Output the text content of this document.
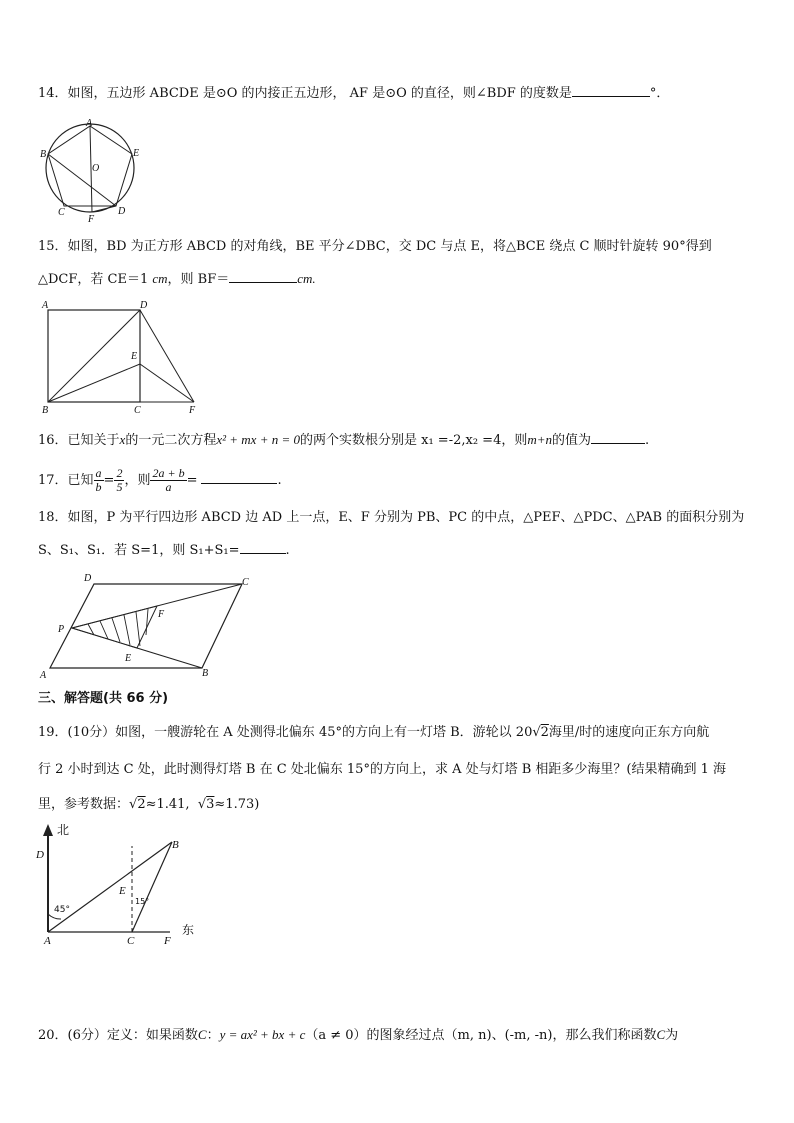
14．如图，五边形 ABCDE 是⊙O 的内接正五边形， AF 是⊙O 的直径，则∠BDF 的度数是	°．
A
B
C	D
E
F
O
15．如图，BD 为正方形 ABCD 的对角线，BE 平分∠DBC，交 DC 与点 E，将△BCE 绕点 C 顺时针旋转 90°得到
△DCF，若 CE＝1 cm，则 BF＝	cm.
A	D
E
B	C	F
16．已知关于x的一元二次方程x² + mx + n = 0的两个实数根分别是 x₁ =-2,x₂ =4，则m+n的值为	.
17．已知 $\frac{a}{b} = \frac{2}{5}$ ，则 $\frac{2a + b}{a}$ =	.
18．如图，P 为平行四边形 ABCD 边 AD 上一点，E、F 分别为 PB、PC 的中点，△PEF、△PDC、△PAB 的面积分别为
S、S₁、S₁．若 S=1，则 S₁+S₁=	.
D	C
P
F
E
A	B
三、解答题(共 66 分)
19．(10分）如图，一艘游轮在 A 处测得北偏东 45°的方向上有一灯塔 B．游轮以 20√2海里/时的速度向正东方向航
行 2 小时到达 C 处，此时测得灯塔 B 在 C 处北偏东 15°的方向上，求 A 处与灯塔 B 相距多少海里？(结果精确到 1 海
里，参考数据：√2≈1.41, √3≈1.73)
北
东
D
B
E
45°
15°
A	C	F
20．(6分）定义：如果函数C：y = ax² + bx + c（a ≠ 0）的图象经过点（m, n)、(-m, -n)，那么我们称函数C为
